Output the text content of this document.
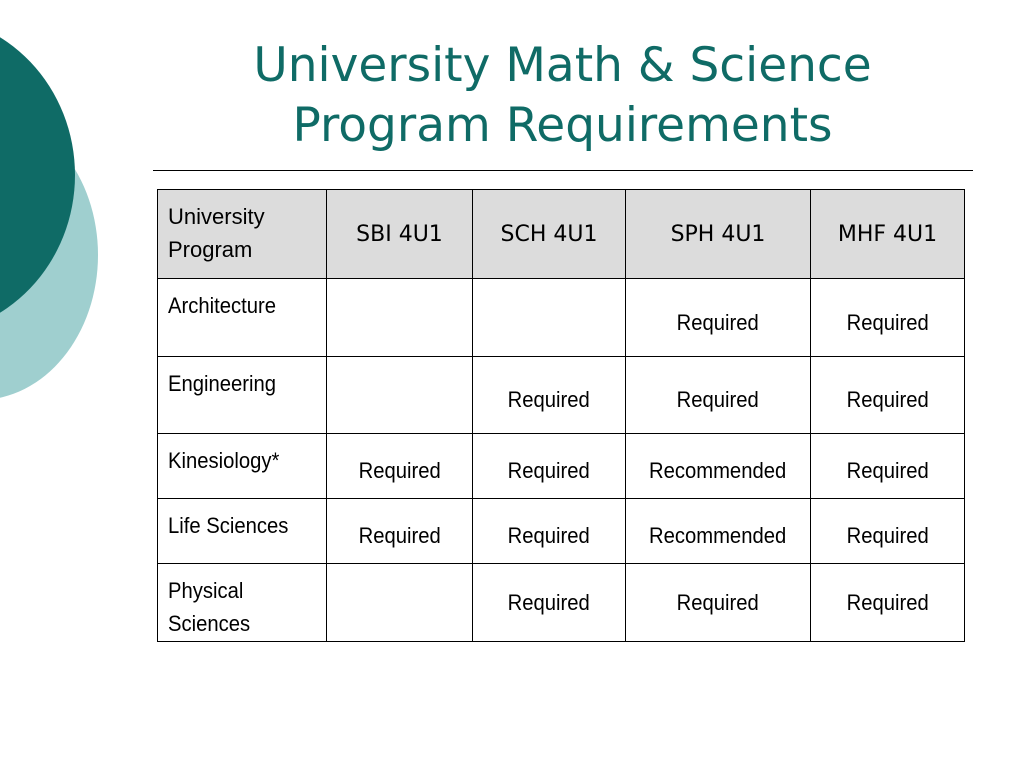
University Math & Science
Program Requirements
University
Program	SBI 4U1	SCH 4U1	SPH 4U1	MHF 4U1
Architecture			Required	Required
Engineering		Required	Required	Required
Kinesiology*	Required	Required	Recommended	Required
Life Sciences	Required	Required	Recommended	Required

Physical
Sciences		Required	Required	Required
